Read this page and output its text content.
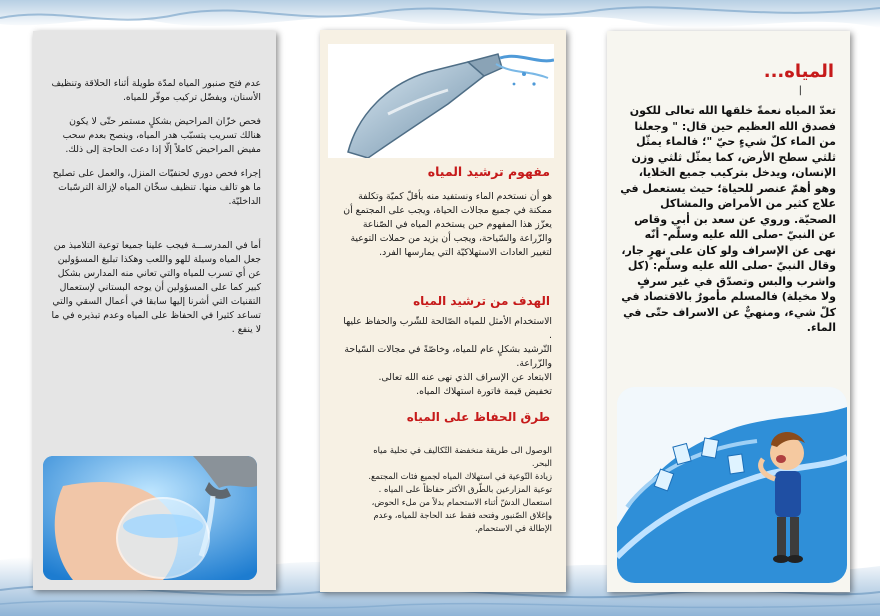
عدم فتح صنبور المياه لمدّة طويلة أثناء الحلاقة وتنظيف الأسنان، ويفضّل تركيب موفّر للمياه.

فحص خزّان المراحيض بشكلٍ مستمر حتّى لا يكون هنالك تسريب يتسبّب هدر المياه، وينصح بعدم سحب مفيض المراحيض كاملاً إلّا إذا دعت الحاجة إلى ذلك.

إجراء فحص دوري لحنفيّات المنزل، والعمل على تصليح ما هو تالف منها. تنظيف سخّان المياه لإزالة الترسّبات الداخليّة.

أما في المدرســـة فيجب علينا جميعا توعية التلاميذ من جعل المياه وسيلة للهو واللعب وهكذا تبليغ المسؤولين عن أي تسرب للمياه والتي تعاني منه المدارس بشكل كبير كما على المسؤولين أن يوجه البستاني لإستعمال التقنيات التي أشرنا إليها سابقا في أعمال السقي والتي تساعد كثيرا في الحفاظ على المياه وعدم تبذيره في ما لا ينفع .

مفهوم ترشيد المياه
هو أن نستخدم الماء ونستفيد منه بأقلّ كميّة وتكلفة ممكنة في جميع مجالات الحياة، ويجب على المجتمع أن يعزّز هذا المفهوم حين يستخدم المياه في الصّناعة والزّراعة والسّياحة، ويجب أن يزيد من حملات التوعية لتغيير العادات الاستهلاكيّة التي يمارسها الفرد.
الهدف من ترشيد المياه
الاستخدام الأمثل للمياه الصّالحة للشّرب والحفاظ عليها .
التّرشيد بشكلٍ عام للمياه، وخاصّةً في مجالات السّياحة والزّراعة.
الابتعاد عن الإسراف الذي نهى عنه الله تعالى.
تخفيض قيمة فاتورة استهلاك المياه.
طرق الحفاظ على المياه
الوصول الى طريقة منخفضة التّكاليف في تحلية مياه البحر.
زيادة التّوعية في استهلاك المياه لجميع فئات المجتمع.
توعية المزارعين بالطّرق الأكثر حفاظاً على المياه .
استعمال الدشّ أثناء الاستحمام بدلاً من ملء الحوض، وإغلاق الصّنبور وفتحه فقط عند الحاجة للمياه، وعدم الإطالة في الاستحمام.
المياه...
|
تعدّ المياه نعمةً خلقها الله تعالى للكون فصدق الله العظيم حين قال: " وجعلنا من الماء كلّ شيءٍ حيّ "؛ فالماء يمثّل ثلثي سطح الأرض، كما يمثّل ثلثي وزن الإنسان، ويدخل بتركيب جميع الخلايا، وهو أهمّ عنصر للحياة؛ حيث يستعمل في علاج كثير من الأمراض والمشاكل الصحيّة. وروي عن سعد بن أبي وقاص عن النبيّ -صلى الله عليه وسلّم- أنّه نهى عن الإسراف ولو كان على نهرٍ جار، وقال النبيّ -صلى الله عليه وسلّم: (كل واشرب والبس وتصدّق في غير سرفٍ ولا مخيلة) فالمسلم مأمورٌ بالاقتصاد في كلّ شيء، ومنهيٌّ عن الاسراف حتّى في الماء.
